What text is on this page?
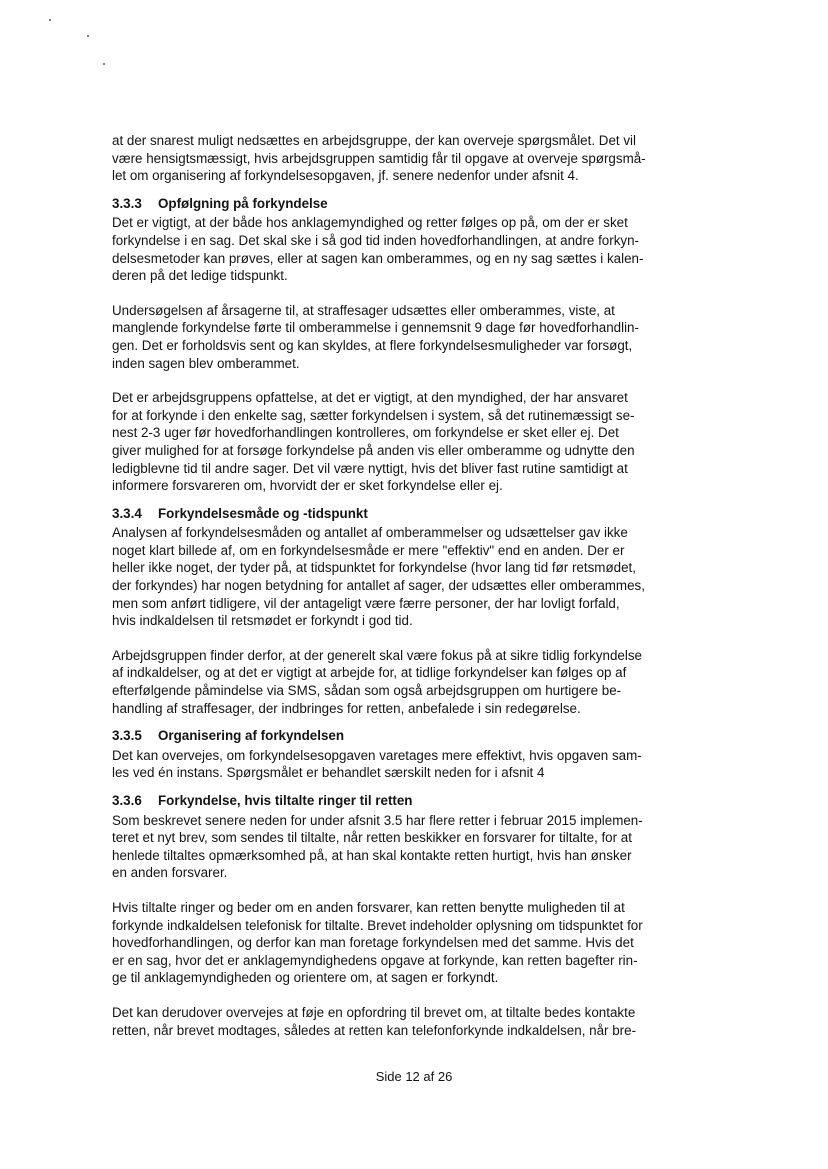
at der snarest muligt nedsættes en arbejdsgruppe, der kan overveje spørgsmålet. Det vil
være hensigtsmæssigt, hvis arbejdsgruppen samtidig får til opgave at overveje spørgsmå-
let om organisering af forkyndelsesopgaven, jf. senere nedenfor under afsnit 4.
3.3.3 Opfølgning på forkyndelse
Det er vigtigt, at der både hos anklagemyndighed og retter følges op på, om der er sket
forkyndelse i en sag. Det skal ske i så god tid inden hovedforhandlingen, at andre forkyn-
delsesmetoder kan prøves, eller at sagen kan omberammes, og en ny sag sættes i kalen-
deren på det ledige tidspunkt.
Undersøgelsen af årsagerne til, at straffesager udsættes eller omberammes, viste, at
manglende forkyndelse førte til omberammelse i gennemsnit 9 dage før hovedforhandlin-
gen. Det er forholdsvis sent og kan skyldes, at flere forkyndelsesmuligheder var forsøgt,
inden sagen blev omberammet.
Det er arbejdsgruppens opfattelse, at det er vigtigt, at den myndighed, der har ansvaret
for at forkynde i den enkelte sag, sætter forkyndelsen i system, så det rutinemæssigt se-
nest 2-3 uger før hovedforhandlingen kontrolleres, om forkyndelse er sket eller ej. Det
giver mulighed for at forsøge forkyndelse på anden vis eller omberamme og udnytte den
ledigblevne tid til andre sager. Det vil være nyttigt, hvis det bliver fast rutine samtidigt at
informere forsvareren om, hvorvidt der er sket forkyndelse eller ej.
3.3.4 Forkyndelsesmåde og -tidspunkt
Analysen af forkyndelsesmåden og antallet af omberammelser og udsættelser gav ikke
noget klart billede af, om en forkyndelsesmåde er mere "effektiv" end en anden. Der er
heller ikke noget, der tyder på, at tidspunktet for forkyndelse (hvor lang tid før retsmødet,
der forkyndes) har nogen betydning for antallet af sager, der udsættes eller omberammes,
men som anført tidligere, vil der antageligt være færre personer, der har lovligt forfald,
hvis indkaldelsen til retsmødet er forkyndt i god tid.
Arbejdsgruppen finder derfor, at der generelt skal være fokus på at sikre tidlig forkyndelse
af indkaldelser, og at det er vigtigt at arbejde for, at tidlige forkyndelser kan følges op af
efterfølgende påmindelse via SMS, sådan som også arbejdsgruppen om hurtigere be-
handling af straffesager, der indbringes for retten, anbefalede i sin redegørelse.
3.3.5 Organisering af forkyndelsen
Det kan overvejes, om forkyndelsesopgaven varetages mere effektivt, hvis opgaven sam-
les ved én instans. Spørgsmålet er behandlet særskilt neden for i afsnit 4
3.3.6 Forkyndelse, hvis tiltalte ringer til retten
Som beskrevet senere neden for under afsnit 3.5 har flere retter i februar 2015 implemen-
teret et nyt brev, som sendes til tiltalte, når retten beskikker en forsvarer for tiltalte, for at
henlede tiltaltes opmærksomhed på, at han skal kontakte retten hurtigt, hvis han ønsker
en anden forsvarer.
Hvis tiltalte ringer og beder om en anden forsvarer, kan retten benytte muligheden til at
forkynde indkaldelsen telefonisk for tiltalte. Brevet indeholder oplysning om tidspunktet for
hovedforhandlingen, og derfor kan man foretage forkyndelsen med det samme. Hvis det
er en sag, hvor det er anklagemyndighedens opgave at forkynde, kan retten bagefter rin-
ge til anklagemyndigheden og orientere om, at sagen er forkyndt.
Det kan derudover overvejes at føje en opfordring til brevet om, at tiltalte bedes kontakte
retten, når brevet modtages, således at retten kan telefonforkynde indkaldelsen, når bre-
Side 12 af 26
